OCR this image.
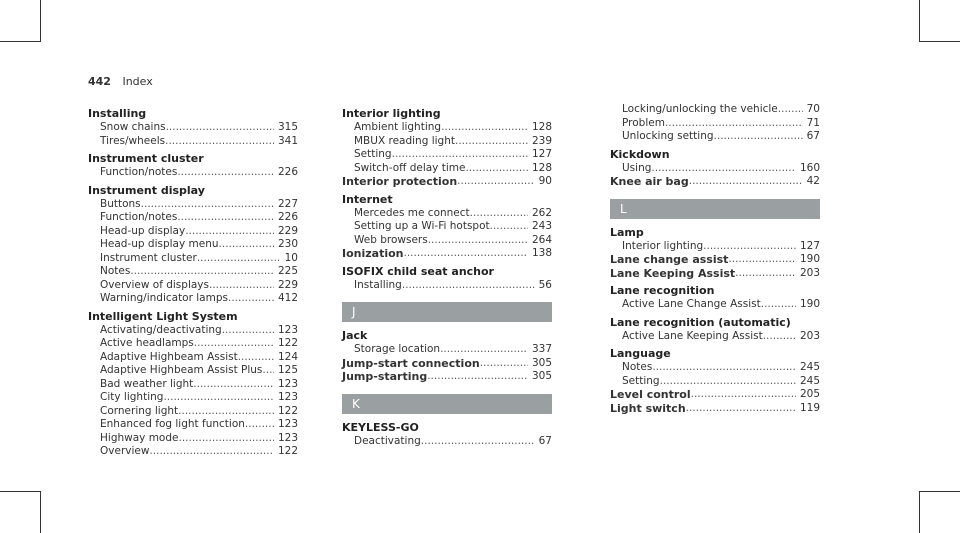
442 Index
Installing
Snow chains .....	315
Tires/wheels .....	341
Instrument cluster
Function/notes .....	226
Instrument display
Buttons .....	227
Function/notes .....	226
Head-up display .....	229
Head-up display menu .....	230
Instrument cluster .....	10
Notes .....	225
Overview of displays .....	229
Warning/indicator lamps .....	412
Intelligent Light System
Activating/deactivating .....	123
Active headlamps .....	122
Adaptive Highbeam Assist .....	124
Adaptive Highbeam Assist Plus .....	125
Bad weather light .....	123
City lighting .....	123
Cornering light .....	122
Enhanced fog light function .....	123
Highway mode .....	123
Overview .....	122
Interior lighting
Ambient lighting .....	128
MBUX reading light .....	239
Setting .....	127
Switch-off delay time .....	128
Interior protection .....	90
Internet
Mercedes me connect .....	262
Setting up a Wi-Fi hotspot .....	243
Web browsers .....	264
Ionization .....	138
ISOFIX child seat anchor
Installing .....	56
J
Jack
Storage location .....	337
Jump-start connection .....	305
Jump-starting .....	305
K
KEYLESS-GO
Deactivating .....	67
Locking/unlocking the vehicle .....	70
Problem .....	71
Unlocking setting .....	67
Kickdown
Using .....	160
Knee air bag .....	42
L
Lamp
Interior lighting .....	127
Lane change assist .....	190
Lane Keeping Assist .....	203
Lane recognition
Active Lane Change Assist .....	190
Lane recognition (automatic)
Active Lane Keeping Assist .....	203
Language
Notes .....	245
Setting .....	245
Level control .....	205
Light switch .....	119
